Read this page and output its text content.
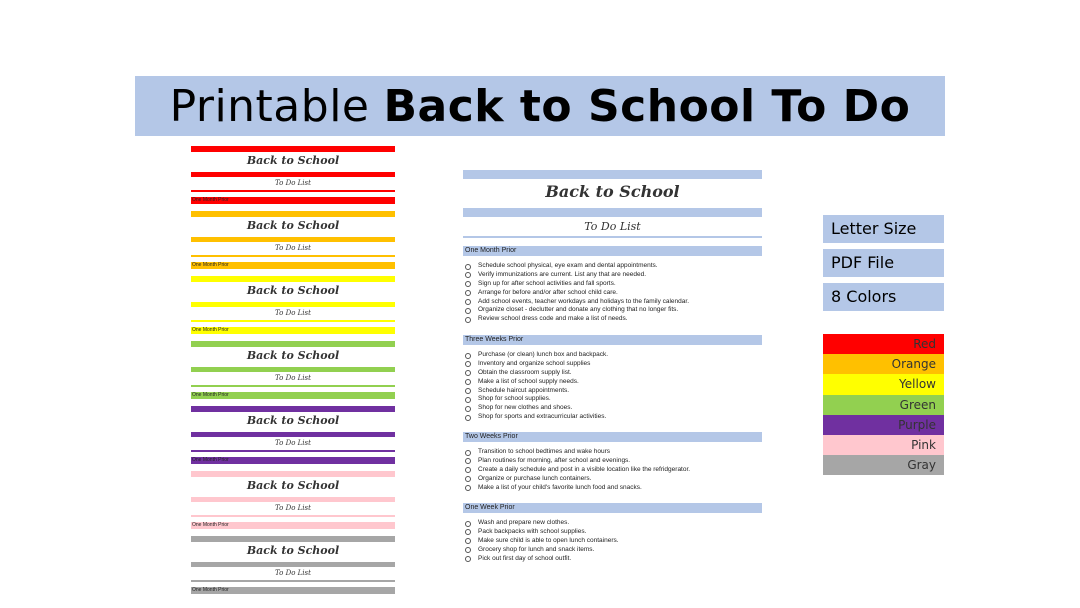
Printable Back to School To Do
Back to School
To Do List
One Month Prior
Back to School
To Do List
One Month Prior
Back to School
To Do List
One Month Prior
Back to School
To Do List
One Month Prior
Back to School
To Do List
One Month Prior
Back to School
To Do List
One Month Prior
Back to School
To Do List
One Month Prior
Back to School
To Do List
One Month Prior
Schedule school physical, eye exam and dental appointments.
Verify immunizations are current. List any that are needed.
Sign up for after school activities and fall sports.
Arrange for before and/or after school child care.
Add school events, teacher workdays and holidays to the family calendar.
Organize closet - declutter and donate any clothing that no longer fits.
Review school dress code and make a list of needs.
Three Weeks Prior
Purchase (or clean) lunch box and backpack.
Inventory and organize school supplies
Obtain the classroom supply list.
Make a list of school supply needs.
Schedule haircut appointments.
Shop for school supplies.
Shop for new clothes and shoes.
Shop for sports and extracurricular activities.
Two Weeks Prior
Transition to school bedtimes and wake hours
Plan routines for morning, after school and evenings.
Create a daily schedule and post in a visible location like the refridgerator.
Organize or purchase lunch containers.
Make a list of your child's favorite lunch food and snacks.
One Week Prior
Wash and prepare new clothes.
Pack backpacks with school supplies.
Make sure child is able to open lunch containers.
Grocery shop for lunch and snack items.
Pick out first day of school outfit.
Letter Size
PDF File
8 Colors
Red
Orange
Yellow
Green
Purple
Pink
Gray
